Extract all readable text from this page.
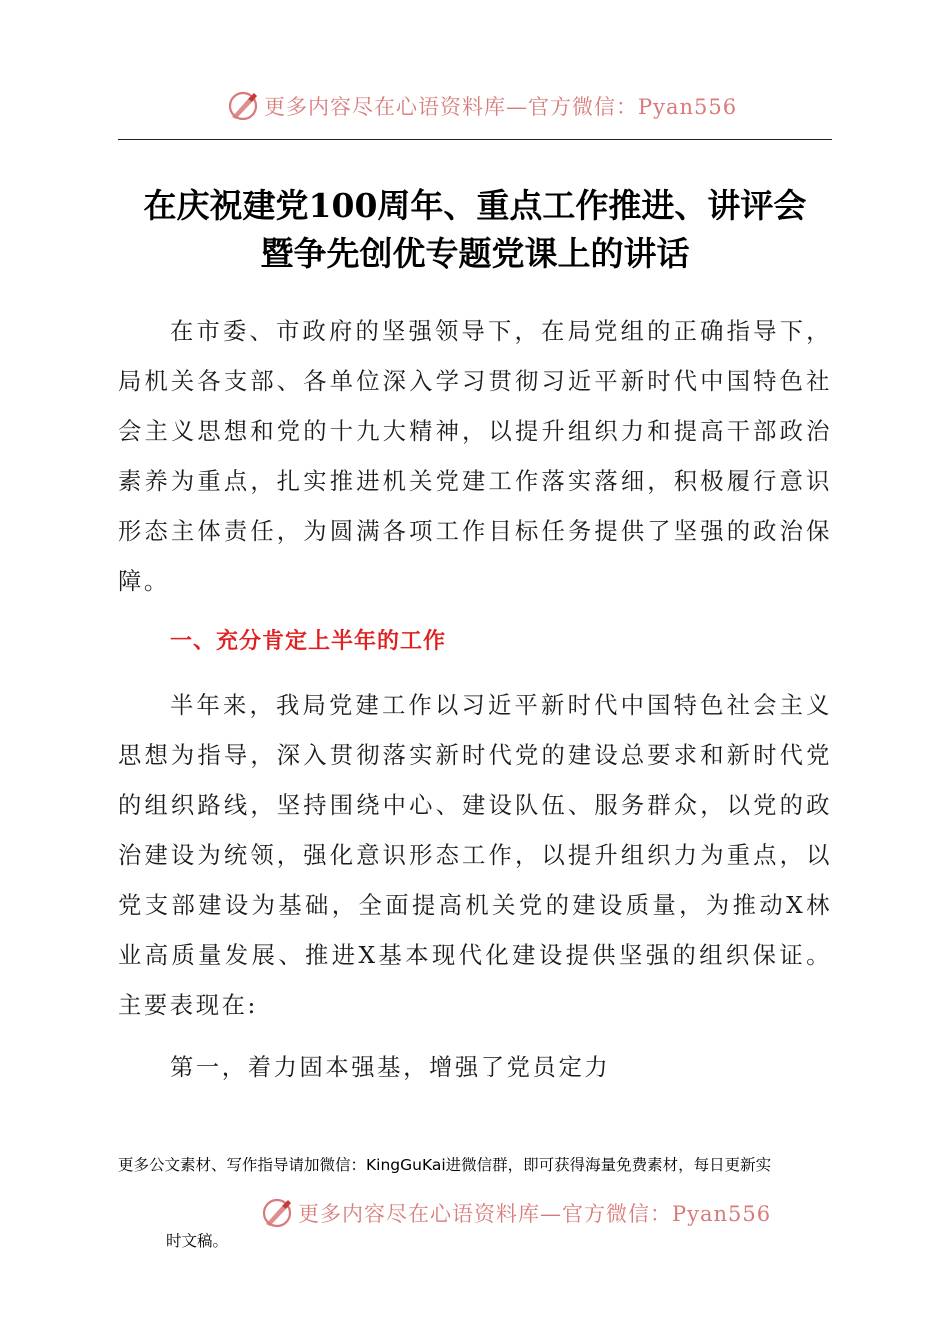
更多内容尽在心语资料库—官方微信：Pyan556
在庆祝建党100周年、重点工作推进、讲评会
暨争先创优专题党课上的讲话

在市委、市政府的坚强领导下，在局党组的正确指导下，局机关各支部、各单位深入学习贯彻习近平新时代中国特色社会主义思想和党的十九大精神，以提升组织力和提高干部政治素养为重点，扎实推进机关党建工作落实落细，积极履行意识形态主体责任，为圆满各项工作目标任务提供了坚强的政治保障。

一、充分肯定上半年的工作

半年来，我局党建工作以习近平新时代中国特色社会主义思想为指导，深入贯彻落实新时代党的建设总要求和新时代党的组织路线，坚持围绕中心、建设队伍、服务群众，以党的政治建设为统领，强化意识形态工作，以提升组织力为重点，以党支部建设为基础，全面提高机关党的建设质量，为推动X林业高质量发展、推进X基本现代化建设提供坚强的组织保证。主要表现在:

第一，着力固本强基，增强了党员定力

更多公文素材、写作指导请加微信：KingGuKai进微信群，即可获得海量免费素材，每日更新实
更多内容尽在心语资料库—官方微信：Pyan556
时文稿。
